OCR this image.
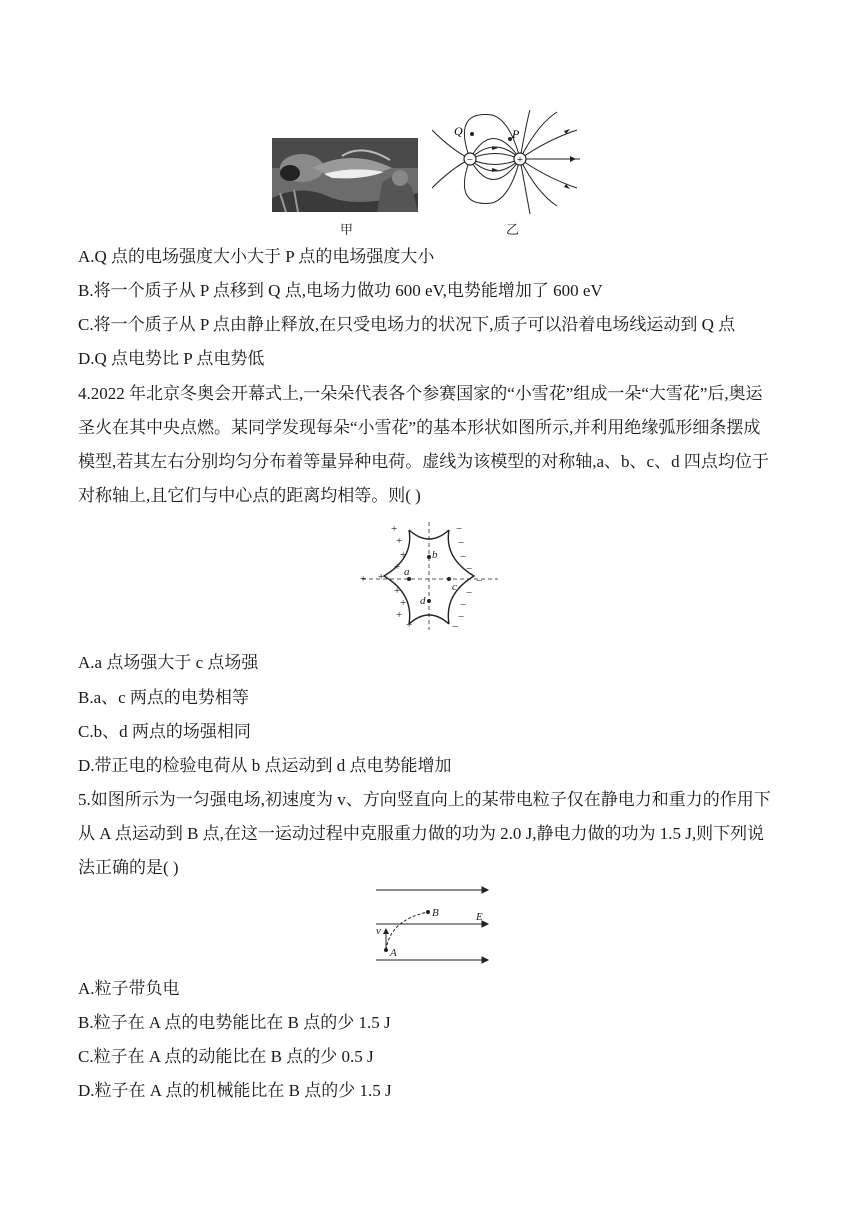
甲
−	+
Q	P
乙
A.Q 点的电场强度大小大于 P 点的电场强度大小
B.将一个质子从 P 点移到 Q 点,电场力做功 600 eV,电势能增加了 600 eV
C.将一个质子从 P 点由静止释放,在只受电场力的状况下,质子可以沿着电场线运动到 Q 点
D.Q 点电势比 P 点电势低
4.2022 年北京冬奥会开幕式上,一朵朵代表各个参赛国家的“小雪花”组成一朵“大雪花”后,奥运
圣火在其中央点燃。某同学发现每朵“小雪花”的基本形状如图所示,并利用绝缘弧形细条摆成
模型,若其左右分别均匀分布着等量异种电荷。虚线为该模型的对称轴,a、b、c、d 四点均位于
对称轴上,且它们与中心点的距离均相等。则( )
+
+
+
+
+
+
+
+
+
+
−
−
−
−
−
−
−
−
−
a
c
b
d
A.a 点场强大于 c 点场强
B.a、c 两点的电势相等
C.b、d 两点的场强相同
D.带正电的检验电荷从 b 点运动到 d 点电势能增加
5.如图所示为一匀强电场,初速度为 v、方向竖直向上的某带电粒子仅在静电力和重力的作用下
从 A 点运动到 B 点,在这一运动过程中克服重力做的功为 2.0 J,静电力做的功为 1.5 J,则下列说
法正确的是( )
A
B	E
v
A.粒子带负电
B.粒子在 A 点的电势能比在 B 点的少 1.5 J
C.粒子在 A 点的动能比在 B 点的少 0.5 J
D.粒子在 A 点的机械能比在 B 点的少 1.5 J
